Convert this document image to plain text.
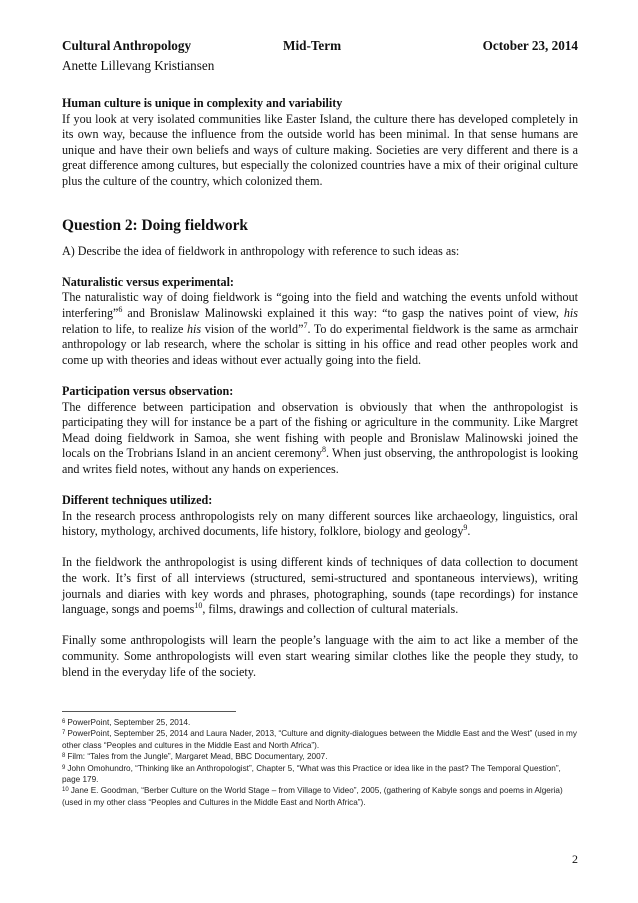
Cultural Anthropology	Mid-Term	October 23, 2014
Anette Lillevang Kristiansen

Human culture is unique in complexity and variability

If you look at very isolated communities like Easter Island, the culture there has developed completely in its own way, because the influence from the outside world has been minimal. In that sense humans are unique and have their own beliefs and ways of culture making. Societies are very different and there is a great difference among cultures, but especially the colonized countries have a mix of their original culture plus the culture of the country, which colonized them.

Question 2: Doing fieldwork

A) Describe the idea of fieldwork in anthropology with reference to such ideas as:

Naturalistic versus experimental:

The naturalistic way of doing fieldwork is “going into the field and watching the events unfold without interfering”$^6$ and Bronislaw Malinowski explained it this way: “to gasp the natives point of view, his relation to life, to realize his vision of the world”$^7$. To do experimental fieldwork is the same as armchair anthropology or lab research, where the scholar is sitting in his office and read other peoples work and come up with theories and ideas without ever actually going into the field.

Participation versus observation:

The difference between participation and observation is obviously that when the anthropologist is participating they will for instance be a part of the fishing or agriculture in the community. Like Margret Mead doing fieldwork in Samoa, she went fishing with people and Bronislaw Malinowski joined the locals on the Trobrians Island in an ancient ceremony$^8$. When just observing, the anthropologist is looking and writes field notes, without any hands on experiences.

Different techniques utilized:

In the research process anthropologists rely on many different sources like archaeology, linguistics, oral history, mythology, archived documents, life history, folklore, biology and geology$^9$.

In the fieldwork the anthropologist is using different kinds of techniques of data collection to document the work. It’s first of all interviews (structured, semi-structured and spontaneous interviews), writing journals and diaries with key words and phrases, photographing, sounds (tape recordings) for instance language, songs and poems$^{10}$, films, drawings and collection of cultural materials.

Finally some anthropologists will learn the people’s language with the aim to act like a member of the community. Some anthropologists will even start wearing similar clothes like the people they study, to blend in the everyday life of the society.

$^6$ PowerPoint, September 25, 2014.
$^7$ PowerPoint, September 25, 2014 and Laura Nader, 2013, “Culture and dignity-dialogues between the Middle East and the West” (used in my other class “Peoples and cultures in the Middle East and North Africa”).
$^8$ Film: “Tales from the Jungle”, Margaret Mead, BBC Documentary, 2007.
$^9$ John Omohundro, “Thinking like an Anthropologist”, Chapter 5, “What was this Practice or idea like in the past? The Temporal Question”, page 179.
$^{10}$ Jane E. Goodman, “Berber Culture on the World Stage – from Village to Video”, 2005, (gathering of Kabyle songs and poems in Algeria) (used in my other class “Peoples and Cultures in the Middle East and North Africa”).
2
